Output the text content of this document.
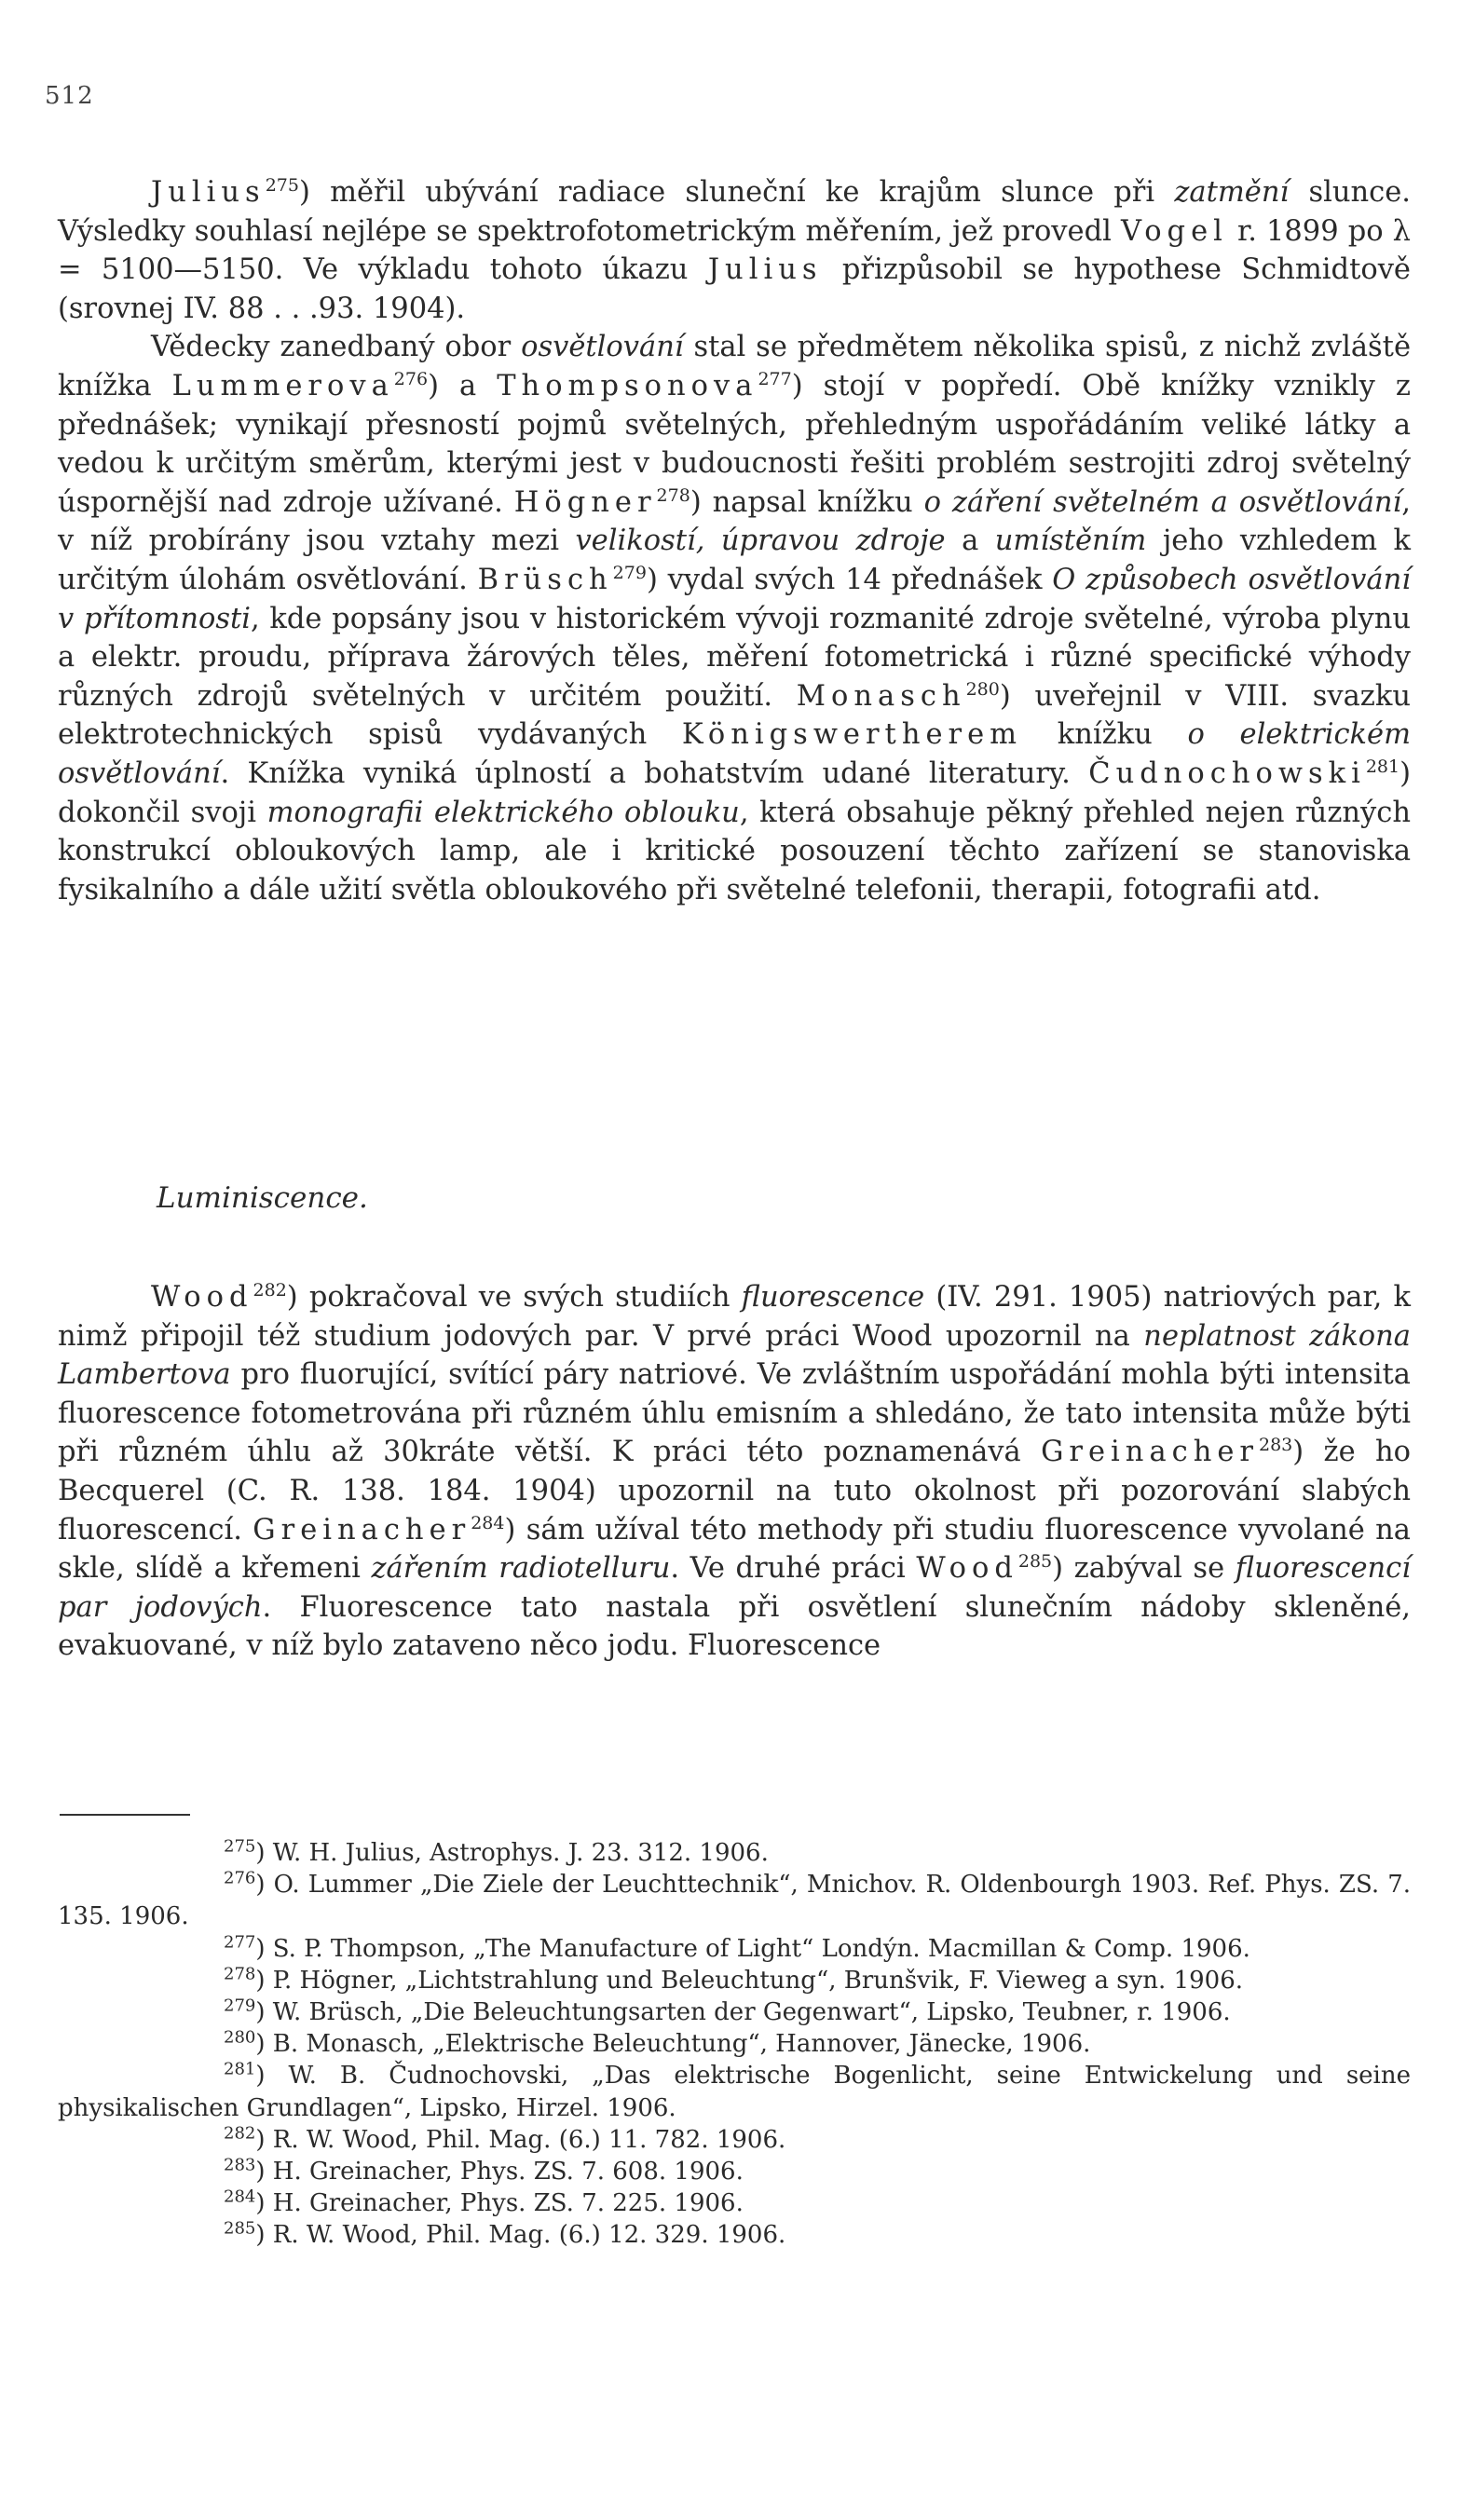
512

Julius$^{275}$) měřil ubývání radiace sluneční ke krajům slunce při zatmění slunce. Výsledky souhlasí nejlépe se spektrofotometrickým měřením, jež provedl Vogel r. 1899 po λ = 5100—5150. Ve výkladu tohoto úkazu Julius přizpůsobil se hypothese Schmidtově (srovnej IV. 88 . . .93. 1904).

Vědecky zanedbaný obor osvětlování stal se předmětem několika spisů, z nichž zvláště knížka Lummerova$^{276}$) a Thompsonova$^{277}$) stojí v popředí. Obě knížky vznikly z přednášek; vynikají přesností pojmů světelných, přehledným uspořádáním veliké látky a vedou k určitým směrům, kterými jest v budoucnosti řešiti problém sestrojiti zdroj světelný úspornější nad zdroje užívané. Högner$^{278}$) napsal knížku o záření světelném a osvětlování, v níž probírány jsou vztahy mezi velikostí, úpravou zdroje a umístěním jeho vzhledem k určitým úlohám osvětlování. Brüsch$^{279}$) vydal svých 14 přednášek O způsobech osvětlování v přítomnosti, kde popsány jsou v historickém vývoji rozmanité zdroje světelné, výroba plynu a elektr. proudu, příprava žárových těles, měření fotometrická i různé specifické výhody různých zdrojů světelných v určitém použití. Monasch$^{280}$) uveřejnil v VIII. svazku elektrotechnických spisů vydávaných Königswertherem knížku o elektrickém osvětlování. Knížka vyniká úplností a bohatstvím udané literatury. Čudnochowski$^{281}$) dokončil svoji monografii elektrického oblouku, která obsahuje pěkný přehled nejen různých konstrukcí obloukových lamp, ale i kritické posouzení těchto zařízení se stanoviska fysikalního a dále užití světla obloukového při světelné telefonii, therapii, fotografii atd.

Luminiscence.

Wood$^{282}$) pokračoval ve svých studiích fluorescence (IV. 291. 1905) natriových par, k nimž připojil též studium jodových par. V prvé práci Wood upozornil na neplatnost zákona Lambertova pro fluorující, svítící páry natriové. Ve zvláštním uspořádání mohla býti intensita fluorescence fotometrována při různém úhlu emisním a shledáno, že tato intensita může býti při různém úhlu až 30kráte větší. K práci této poznamenává Greinacher$^{283}$) že ho Becquerel (C. R. 138. 184. 1904) upozornil na tuto okolnost při pozorování slabých fluorescencí. Greinacher$^{284}$) sám užíval této methody při studiu fluorescence vyvolané na skle, slídě a křemeni zářením radiotelluru. Ve druhé práci Wood$^{285}$) zabýval se fluorescencí par jodových. Fluorescence tato nastala při osvětlení slunečním nádoby skleněné, evakuované, v níž bylo zataveno něco jodu. Fluorescence

$^{275}$) W. H. Julius, Astrophys. J. 23. 312. 1906.

$^{276}$) O. Lummer „Die Ziele der Leuchttechnik“, Mnichov. R. Oldenbourgh 1903. Ref. Phys. ZS. 7. 135. 1906.

$^{277}$) S. P. Thompson, „The Manufacture of Light“ Londýn. Macmillan & Comp. 1906.

$^{278}$) P. Högner, „Lichtstrahlung und Beleuchtung“, Brunšvik, F. Vieweg a syn. 1906.

$^{279}$) W. Brüsch, „Die Beleuchtungsarten der Gegenwart“, Lipsko, Teubner, r. 1906.

$^{280}$) B. Monasch, „Elektrische Beleuchtung“, Hannover, Jänecke, 1906.

$^{281}$) W. B. Čudnochovski, „Das elektrische Bogenlicht, seine Entwickelung und seine physikalischen Grundlagen“, Lipsko, Hirzel. 1906.

$^{282}$) R. W. Wood, Phil. Mag. (6.) 11. 782. 1906.

$^{283}$) H. Greinacher, Phys. ZS. 7. 608. 1906.

$^{284}$) H. Greinacher, Phys. ZS. 7. 225. 1906.

$^{285}$) R. W. Wood, Phil. Mag. (6.) 12. 329. 1906.
